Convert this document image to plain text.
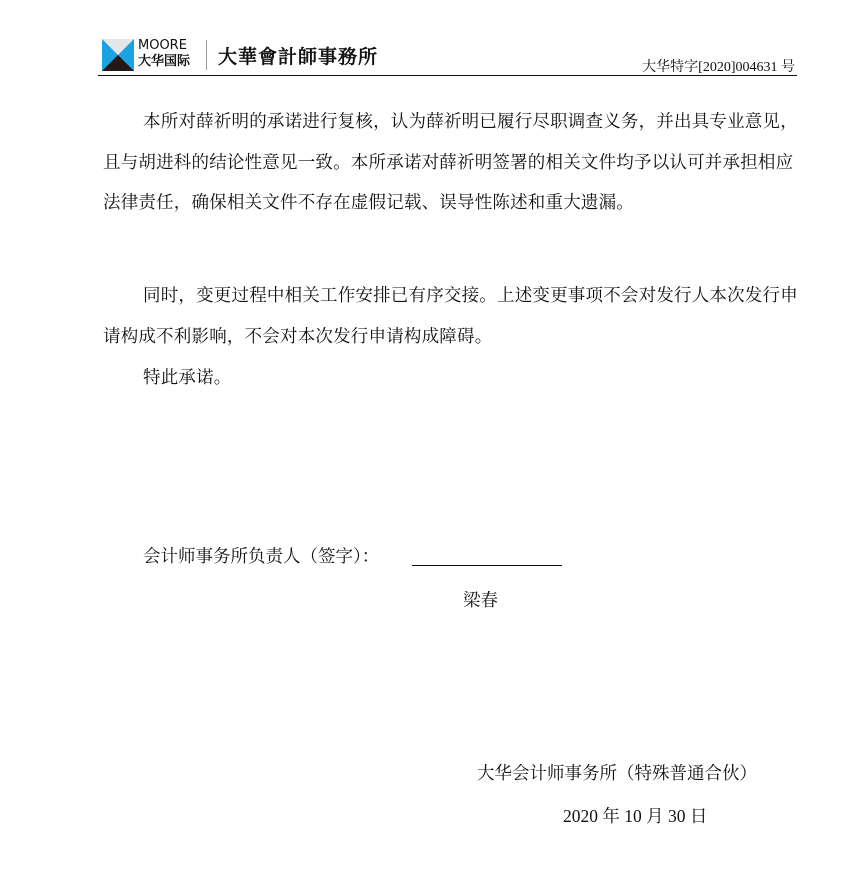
MOORE
大华国际 大華會計師事務所	大华特字[2020]004631 号
本所对薛祈明的承诺进行复核，认为薛祈明已履行尽职调查义务，并出具专业意见，且与胡进科的结论性意见一致。本所承诺对薛祈明签署的相关文件均予以认可并承担相应法律责任，确保相关文件不存在虚假记载、误导性陈述和重大遗漏。
同时，变更过程中相关工作安排已有序交接。上述变更事项不会对发行人本次发行申请构成不利影响，不会对本次发行申请构成障碍。
特此承诺。
会计师事务所负责人（签字）：
梁春
大华会计师事务所（特殊普通合伙）
2020 年 10 月 30 日
